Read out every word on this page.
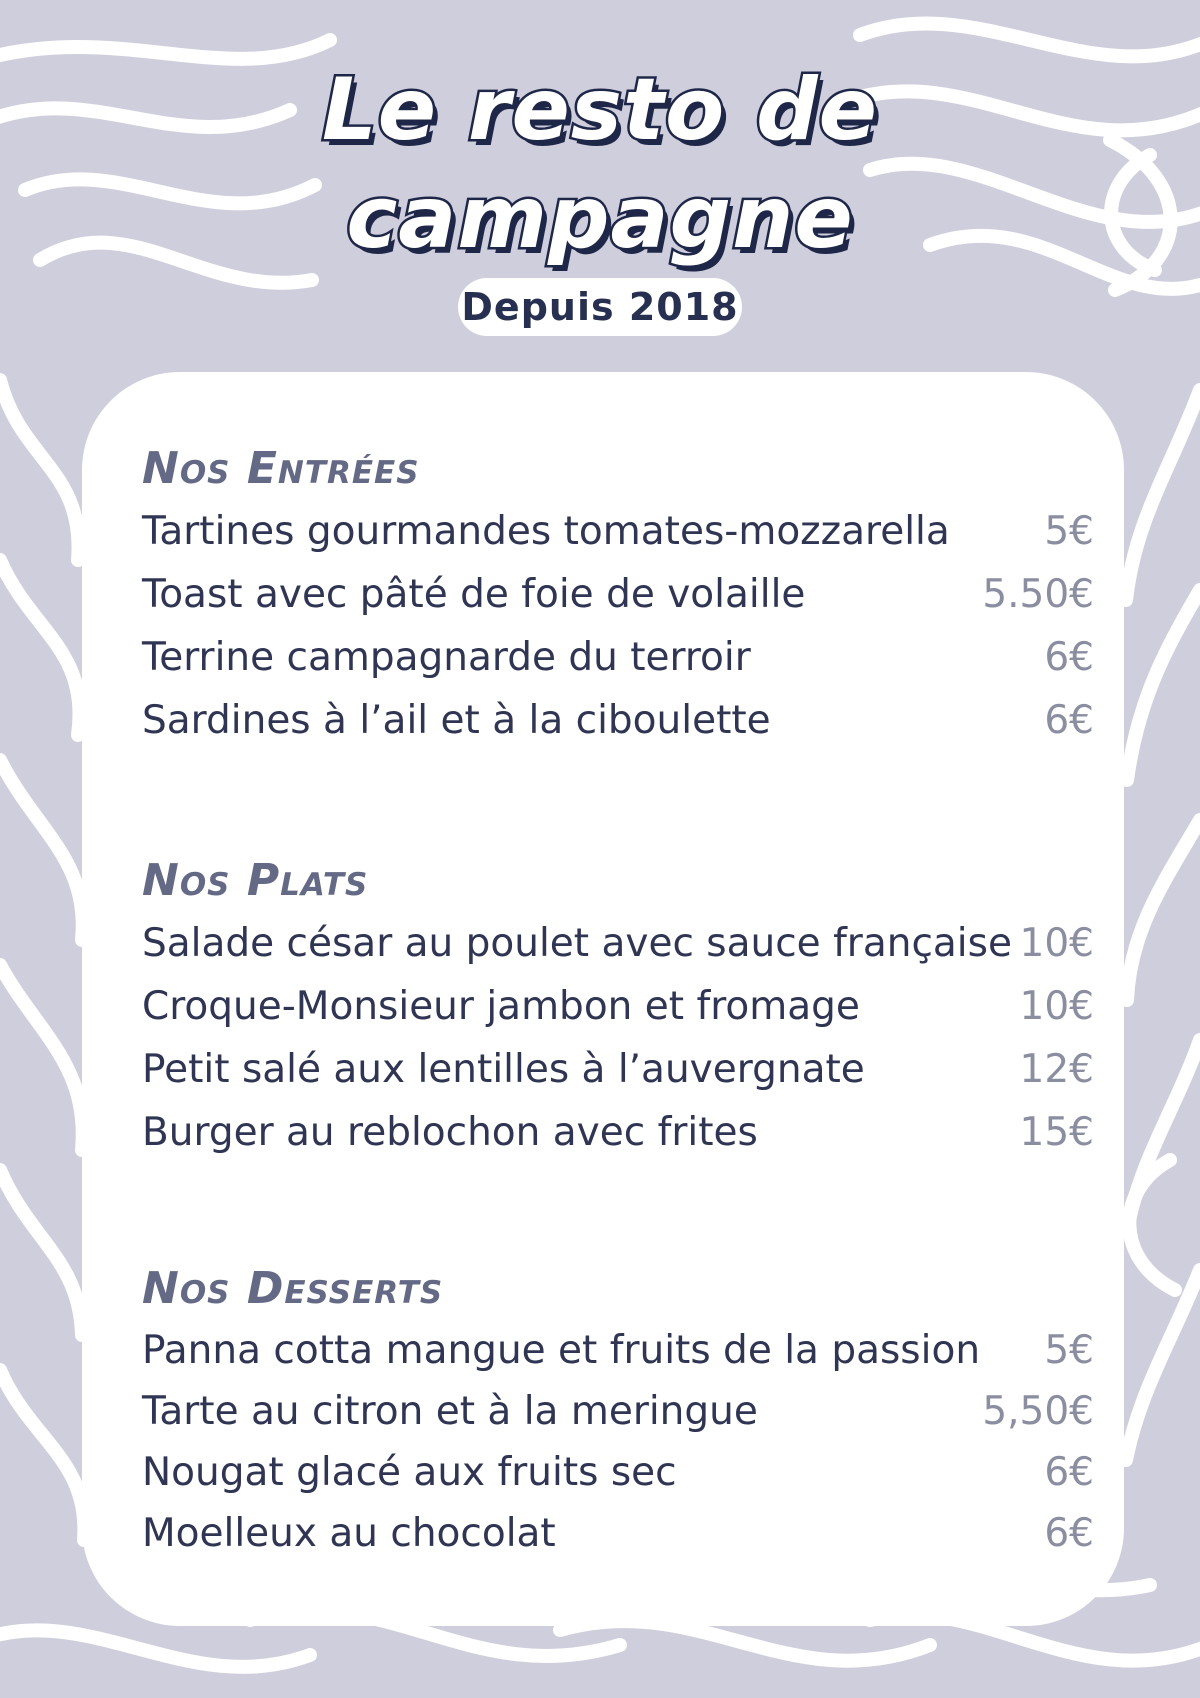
Le resto de
campagne
Depuis 2018
Nos Entrées
Tartines gourmandes tomates-mozzarella 5€
Toast avec pâté de foie de volaille	5.50€
Terrine campagnarde du terroir	6€
Sardines à l’ail et à la ciboulette	6€
Nos Plats
Salade césar au poulet avec sauce française 10€
Croque-Monsieur jambon et fromage	10€
Petit salé aux lentilles à l’auvergnate	12€
Burger au reblochon avec frites	15€
Nos Desserts
Panna cotta mangue et fruits de la passion 5€
Tarte au citron et à la meringue	5,50€
Nougat glacé aux fruits sec	6€
Moelleux au chocolat	6€
